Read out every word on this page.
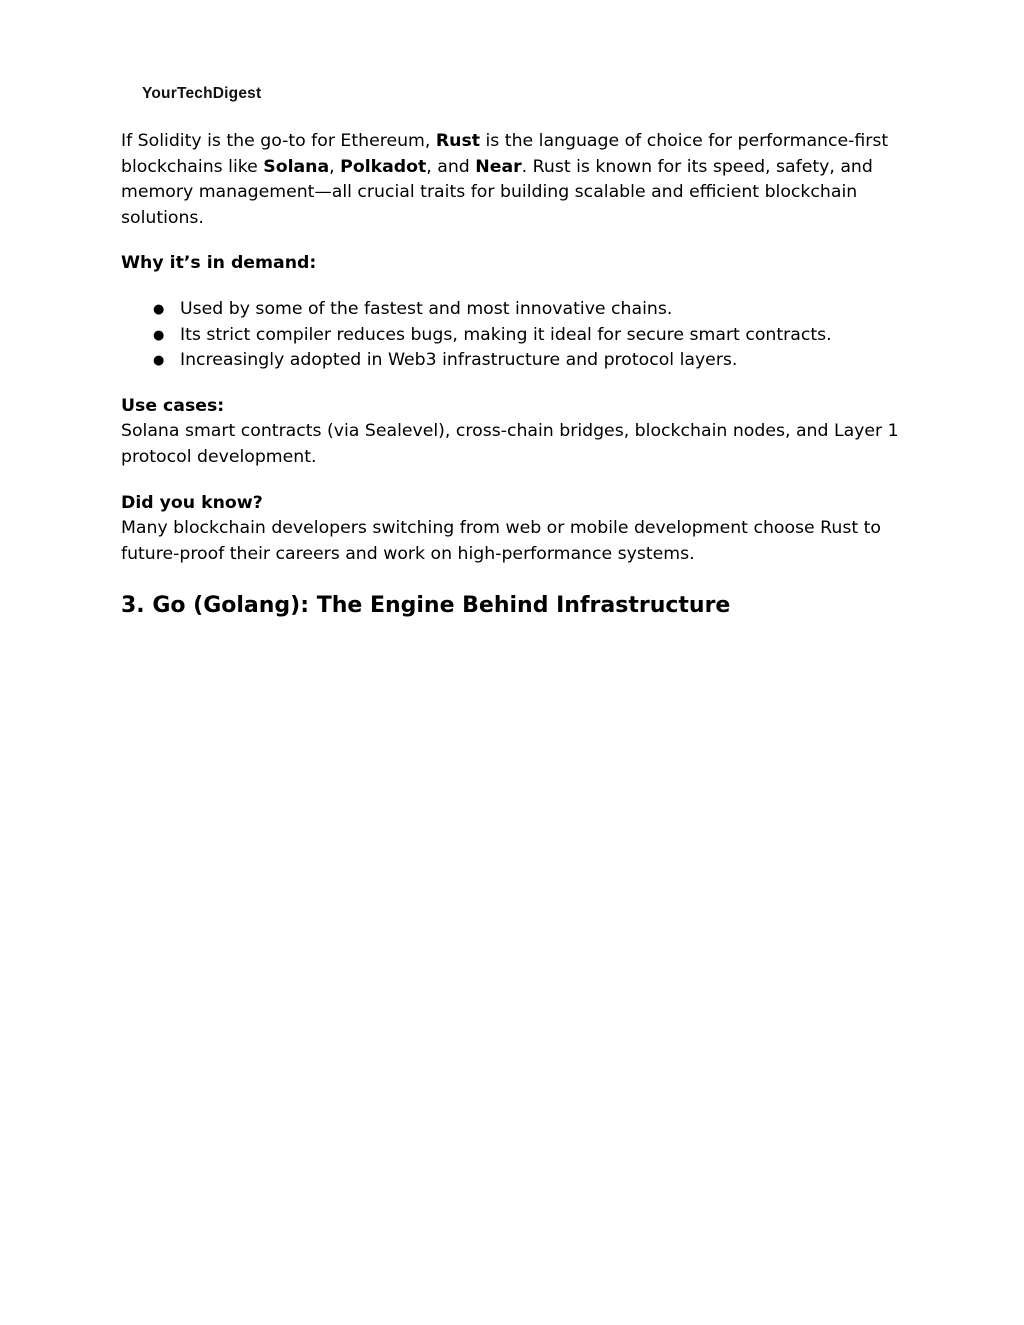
YourTechDigest

If Solidity is the go-to for Ethereum, Rust is the language of choice for performance-first blockchains like Solana, Polkadot, and Near. Rust is known for its speed, safety, and memory management—all crucial traits for building scalable and efficient blockchain solutions.

Why it’s in demand:

● Used by some of the fastest and most innovative chains.
● Its strict compiler reduces bugs, making it ideal for secure smart contracts.
● Increasingly adopted in Web3 infrastructure and protocol layers.

Use cases:

Solana smart contracts (via Sealevel), cross-chain bridges, blockchain nodes, and Layer 1 protocol development.

Did you know?

Many blockchain developers switching from web or mobile development choose Rust to future-proof their careers and work on high-performance systems.

3. Go (Golang): The Engine Behind Infrastructure
